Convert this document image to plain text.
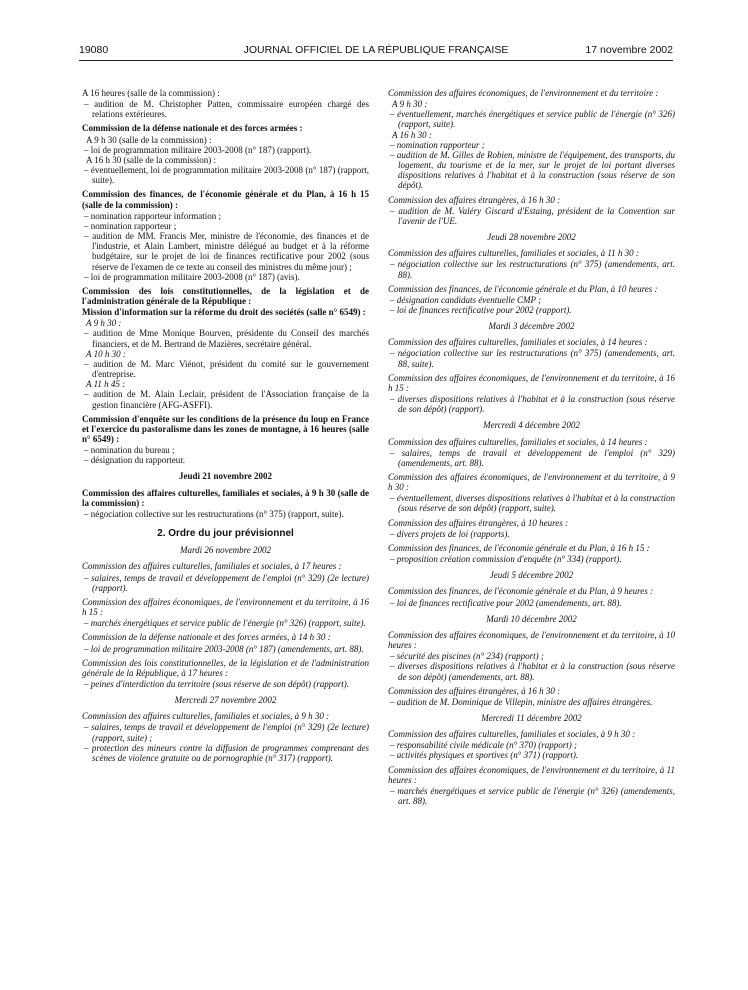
19080	JOURNAL OFFICIEL DE LA RÉPUBLIQUE FRANÇAISE	17 novembre 2002

A 16 heures (salle de la commission) :

– audition de M. Christopher Patten, commissaire européen chargé des relations extérieures.

Commission de la défense nationale et des forces armées :

A 9 h 30 (salle de la commission) :

– loi de programmation militaire 2003-2008 (n° 187) (rapport).

A 16 h 30 (salle de la commission) :

– éventuellement, loi de programmation militaire 2003-2008 (n° 187) (rapport, suite).

Commission des finances, de l'économie générale et du Plan, à 16 h 15 (salle de la commission) :

– nomination rapporteur information ;

– nomination rapporteur ;

– audition de MM. Francis Mer, ministre de l'économie, des finances et de l'industrie, et Alain Lambert, ministre délégué au budget et à la réforme budgétaire, sur le projet de loi de finances rectificative pour 2002 (sous réserve de l'examen de ce texte au conseil des ministres du même jour) ;

– loi de programmation militaire 2003-2008 (n° 187) (avis).

Commission des lois constitutionnelles, de la législation et de l'administration générale de la République :

Mission d'information sur la réforme du droit des sociétés (salle n° 6549) :

A 9 h 30 :

– audition de Mme Monique Bourven, présidente du Conseil des marchés financiers, et de M. Bertrand de Mazières, secrétaire général.

A 10 h 30 :

– audition de M. Marc Viénot, président du comité sur le gouvernement d'entreprise.

A 11 h 45 :

– audition de M. Alain Leclair, président de l'Association française de la gestion financière (AFG-ASFFI).

Commission d'enquête sur les conditions de la présence du loup en France et l'exercice du pastoralisme dans les zones de montagne, à 16 heures (salle n° 6549) :

– nomination du bureau ;

– désignation du rapporteur.

Jeudi 21 novembre 2002

Commission des affaires culturelles, familiales et sociales, à 9 h 30 (salle de la commission) :

– négociation collective sur les restructurations (n° 375) (rapport, suite).

2. Ordre du jour prévisionnel

Mardi 26 novembre 2002

Commission des affaires culturelles, familiales et sociales, à 17 heures :

– salaires, temps de travail et développement de l'emploi (n° 329) (2e lecture) (rapport).

Commission des affaires économiques, de l'environnement et du territoire, à 16 h 15 :

– marchés énergétiques et service public de l'énergie (n° 326) (rapport, suite).

Commission de la défense nationale et des forces armées, à 14 h 30 :

– loi de programmation militaire 2003-2008 (n° 187) (amendements, art. 88).

Commission des lois constitutionnelles, de la législation et de l'administration générale de la République, à 17 heures :

– peines d'interdiction du territoire (sous réserve de son dépôt) (rapport).

Mercredi 27 novembre 2002

Commission des affaires culturelles, familiales et sociales, à 9 h 30 :

– salaires, temps de travail et développement de l'emploi (n° 329) (2e lecture) (rapport, suite) ;

– protection des mineurs contre la diffusion de programmes comprenant des scènes de violence gratuite ou de pornographie (n° 317) (rapport).

Commission des affaires économiques, de l'environnement et du territoire :

A 9 h 30 :

– éventuellement, marchés énergétiques et service public de l'énergie (n° 326) (rapport, suite).

A 16 h 30 :

– nomination rapporteur ;

– audition de M. Gilles de Robien, ministre de l'équipement, des transports, du logement, du tourisme et de la mer, sur le projet de loi portant diverses dispositions relatives à l'habitat et à la construction (sous réserve de son dépôt).

Commission des affaires étrangères, à 16 h 30 :

– audition de M. Valéry Giscard d'Estaing, président de la Convention sur l'avenir de l'UE.

Jeudi 28 novembre 2002

Commission des affaires culturelles, familiales et sociales, à 11 h 30 :

– négociation collective sur les restructurations (n° 375) (amendements, art. 88).

Commission des finances, de l'économie générale et du Plan, à 10 heures :

– désignation candidats éventuelle CMP ;

– loi de finances rectificative pour 2002 (rapport).

Mardi 3 décembre 2002

Commission des affaires culturelles, familiales et sociales, à 14 heures :

– négociation collective sur les restructurations (n° 375) (amendements, art. 88, suite).

Commission des affaires économiques, de l'environnement et du territoire, à 16 h 15 :

– diverses dispositions relatives à l'habitat et à la construction (sous réserve de son dépôt) (rapport).

Mercredi 4 décembre 2002

Commission des affaires culturelles, familiales et sociales, à 14 heures :

– salaires, temps de travail et développement de l'emploi (n° 329) (amendements, art. 88).

Commission des affaires économiques, de l'environnement et du territoire, à 9 h 30 :

– éventuellement, diverses dispositions relatives à l'habitat et à la construction (sous réserve de son dépôt) (rapport, suite).

Commission des affaires étrangères, à 10 heures :

– divers projets de loi (rapports).

Commission des finances, de l'économie générale et du Plan, à 16 h 15 :

– proposition création commission d'enquête (n° 334) (rapport).

Jeudi 5 décembre 2002

Commission des finances, de l'économie générale et du Plan, à 9 heures :

– loi de finances rectificative pour 2002 (amendements, art. 88).

Mardi 10 décembre 2002

Commission des affaires économiques, de l'environnement et du territoire, à 10 heures :

– sécurité des piscines (n° 234) (rapport) ;

– diverses dispositions relatives à l'habitat et à la construction (sous réserve de son dépôt) (amendements, art. 88).

Commission des affaires étrangères, à 16 h 30 :

– audition de M. Dominique de Villepin, ministre des affaires étrangères.

Mercredi 11 décembre 2002

Commission des affaires culturelles, familiales et sociales, à 9 h 30 :

– responsabilité civile médicale (n° 370) (rapport) ;

– activités physiques et sportives (n° 371) (rapport).

Commission des affaires économiques, de l'environnement et du territoire, à 11 heures :

– marchés énergétiques et service public de l'énergie (n° 326) (amendements, art. 88).
